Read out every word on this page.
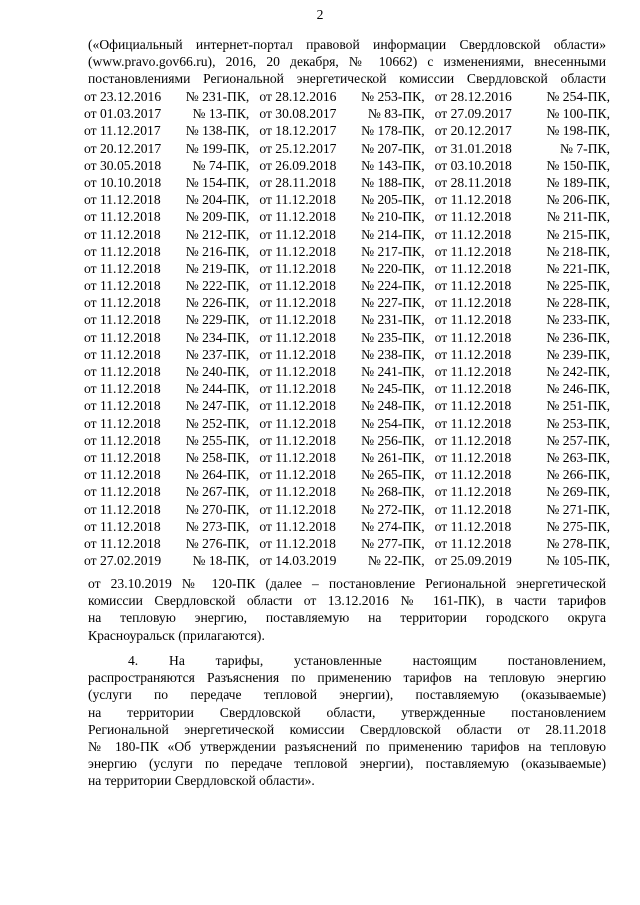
2
(«Официальный интернет-портал правовой информации Свердловской области»
(www.pravo.gov66.ru), 2016, 20 декабря, № 10662) с изменениями, внесенными
постановлениями Региональной энергетической комиссии Свердловской области
от 23.12.2016	№ 231-ПК, от 28.12.2016	№ 253-ПК, от 28.12.2016	№ 254-ПК,
от 01.03.2017	№ 13-ПК, от 30.08.2017	№ 83-ПК, от 27.09.2017	№ 100-ПК,
от 11.12.2017	№ 138-ПК, от 18.12.2017	№ 178-ПК, от 20.12.2017	№ 198-ПК,
от 20.12.2017	№ 199-ПК, от 25.12.2017	№ 207-ПК, от 31.01.2018	№ 7-ПК,
от 30.05.2018	№ 74-ПК, от 26.09.2018	№ 143-ПК, от 03.10.2018	№ 150-ПК,
от 10.10.2018	№ 154-ПК, от 28.11.2018	№ 188-ПК, от 28.11.2018	№ 189-ПК,
от 11.12.2018	№ 204-ПК, от 11.12.2018	№ 205-ПК, от 11.12.2018	№ 206-ПК,
от 11.12.2018	№ 209-ПК, от 11.12.2018	№ 210-ПК, от 11.12.2018	№ 211-ПК,
от 11.12.2018	№ 212-ПК, от 11.12.2018	№ 214-ПК, от 11.12.2018	№ 215-ПК,
от 11.12.2018	№ 216-ПК, от 11.12.2018	№ 217-ПК, от 11.12.2018	№ 218-ПК,
от 11.12.2018	№ 219-ПК, от 11.12.2018	№ 220-ПК, от 11.12.2018	№ 221-ПК,
от 11.12.2018	№ 222-ПК, от 11.12.2018	№ 224-ПК, от 11.12.2018	№ 225-ПК,
от 11.12.2018	№ 226-ПК, от 11.12.2018	№ 227-ПК, от 11.12.2018	№ 228-ПК,
от 11.12.2018	№ 229-ПК, от 11.12.2018	№ 231-ПК, от 11.12.2018	№ 233-ПК,
от 11.12.2018	№ 234-ПК, от 11.12.2018	№ 235-ПК, от 11.12.2018	№ 236-ПК,
от 11.12.2018	№ 237-ПК, от 11.12.2018	№ 238-ПК, от 11.12.2018	№ 239-ПК,
от 11.12.2018	№ 240-ПК, от 11.12.2018	№ 241-ПК, от 11.12.2018	№ 242-ПК,
от 11.12.2018	№ 244-ПК, от 11.12.2018	№ 245-ПК, от 11.12.2018	№ 246-ПК,
от 11.12.2018	№ 247-ПК, от 11.12.2018	№ 248-ПК, от 11.12.2018	№ 251-ПК,
от 11.12.2018	№ 252-ПК, от 11.12.2018	№ 254-ПК, от 11.12.2018	№ 253-ПК,
от 11.12.2018	№ 255-ПК, от 11.12.2018	№ 256-ПК, от 11.12.2018	№ 257-ПК,
от 11.12.2018	№ 258-ПК, от 11.12.2018	№ 261-ПК, от 11.12.2018	№ 263-ПК,
от 11.12.2018	№ 264-ПК, от 11.12.2018	№ 265-ПК, от 11.12.2018	№ 266-ПК,
от 11.12.2018	№ 267-ПК, от 11.12.2018	№ 268-ПК, от 11.12.2018	№ 269-ПК,
от 11.12.2018	№ 270-ПК, от 11.12.2018	№ 272-ПК, от 11.12.2018	№ 271-ПК,
от 11.12.2018	№ 273-ПК, от 11.12.2018	№ 274-ПК, от 11.12.2018	№ 275-ПК,
от 11.12.2018	№ 276-ПК, от 11.12.2018	№ 277-ПК, от 11.12.2018	№ 278-ПК,
от 27.02.2019	№ 18-ПК, от 14.03.2019	№ 22-ПК, от 25.09.2019	№ 105-ПК,
от 23.10.2019 № 120-ПК (далее – постановление Региональной энергетической
комиссии Свердловской области от 13.12.2016 № 161-ПК), в части тарифов
на тепловую энергию, поставляемую на территории городского округа
Красноуральск (прилагаются).
4. На тарифы, установленные настоящим постановлением,
распространяются Разъяснения по применению тарифов на тепловую энергию
(услуги по передаче тепловой энергии), поставляемую (оказываемые)
на территории Свердловской области, утвержденные постановлением
Региональной энергетической комиссии Свердловской области от 28.11.2018
№ 180-ПК «Об утверждении разъяснений по применению тарифов на тепловую
энергию (услуги по передаче тепловой энергии), поставляемую (оказываемые)
на территории Свердловской области».
